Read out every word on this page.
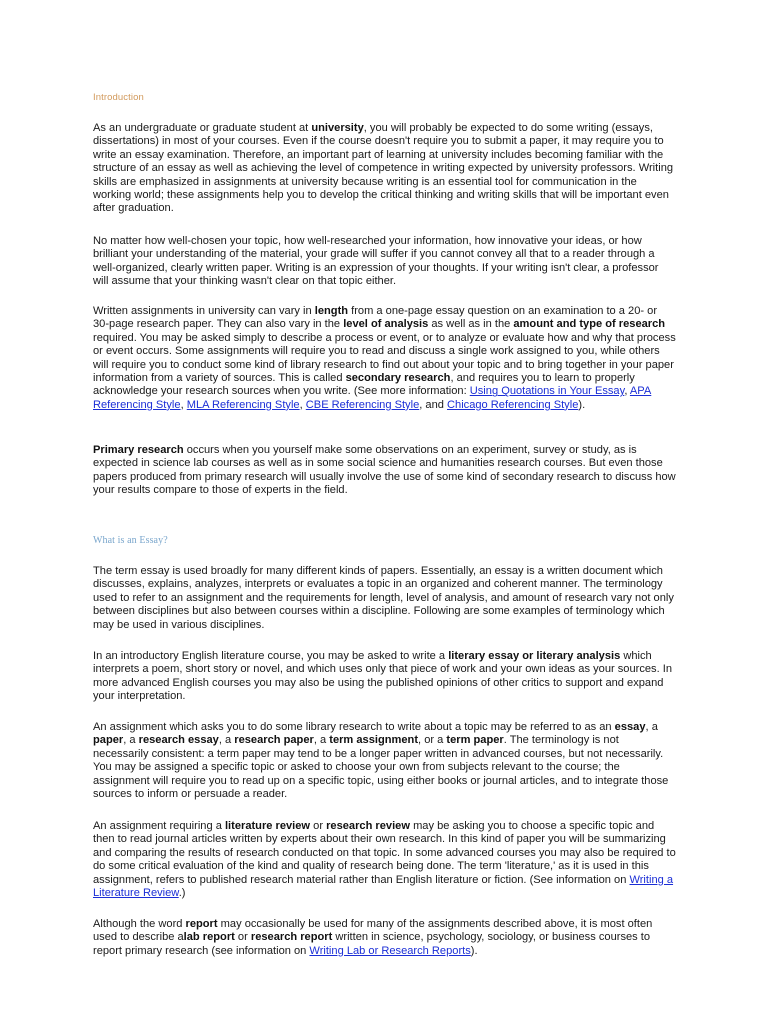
Introduction

As an undergraduate or graduate student at university, you will probably be expected to do some writing (essays, dissertations) in most of your courses. Even if the course doesn't require you to submit a paper, it may require you to write an essay examination. Therefore, an important part of learning at university includes becoming familiar with the structure of an essay as well as achieving the level of competence in writing expected by university professors. Writing skills are emphasized in assignments at university because writing is an essential tool for communication in the working world; these assignments help you to develop the critical thinking and writing skills that will be important even after graduation.

No matter how well-chosen your topic, how well-researched your information, how innovative your ideas, or how brilliant your understanding of the material, your grade will suffer if you cannot convey all that to a reader through a well-organized, clearly written paper. Writing is an expression of your thoughts. If your writing isn't clear, a professor will assume that your thinking wasn't clear on that topic either.

Written assignments in university can vary in length from a one-page essay question on an examination to a 20- or 30-page research paper. They can also vary in the level of analysis as well as in the amount and type of research required. You may be asked simply to describe a process or event, or to analyze or evaluate how and why that process or event occurs. Some assignments will require you to read and discuss a single work assigned to you, while others will require you to conduct some kind of library research to find out about your topic and to bring together in your paper information from a variety of sources. This is called secondary research, and requires you to learn to properly acknowledge your research sources when you write. (See more information: Using Quotations in Your Essay, APA Referencing Style, MLA Referencing Style, CBE Referencing Style, and Chicago Referencing Style).

Primary research occurs when you yourself make some observations on an experiment, survey or study, as is expected in science lab courses as well as in some social science and humanities research courses. But even those papers produced from primary research will usually involve the use of some kind of secondary research to discuss how your results compare to those of experts in the field.

What is an Essay?

The term essay is used broadly for many different kinds of papers. Essentially, an essay is a written document which discusses, explains, analyzes, interprets or evaluates a topic in an organized and coherent manner. The terminology used to refer to an assignment and the requirements for length, level of analysis, and amount of research vary not only between disciplines but also between courses within a discipline. Following are some examples of terminology which may be used in various disciplines.

In an introductory English literature course, you may be asked to write a literary essay or literary analysis which interprets a poem, short story or novel, and which uses only that piece of work and your own ideas as your sources. In more advanced English courses you may also be using the published opinions of other critics to support and expand your interpretation.

An assignment which asks you to do some library research to write about a topic may be referred to as an essay, a paper, a research essay, a research paper, a term assignment, or a term paper. The terminology is not necessarily consistent: a term paper may tend to be a longer paper written in advanced courses, but not necessarily. You may be assigned a specific topic or asked to choose your own from subjects relevant to the course; the assignment will require you to read up on a specific topic, using either books or journal articles, and to integrate those sources to inform or persuade a reader.

An assignment requiring a literature review or research review may be asking you to choose a specific topic and then to read journal articles written by experts about their own research. In this kind of paper you will be summarizing and comparing the results of research conducted on that topic. In some advanced courses you may also be required to do some critical evaluation of the kind and quality of research being done. The term 'literature,' as it is used in this assignment, refers to published research material rather than English literature or fiction. (See information on Writing a Literature Review.)

Although the word report may occasionally be used for many of the assignments described above, it is most often used to describe alab report or research report written in science, psychology, sociology, or business courses to report primary research (see information on Writing Lab or Research Reports).
